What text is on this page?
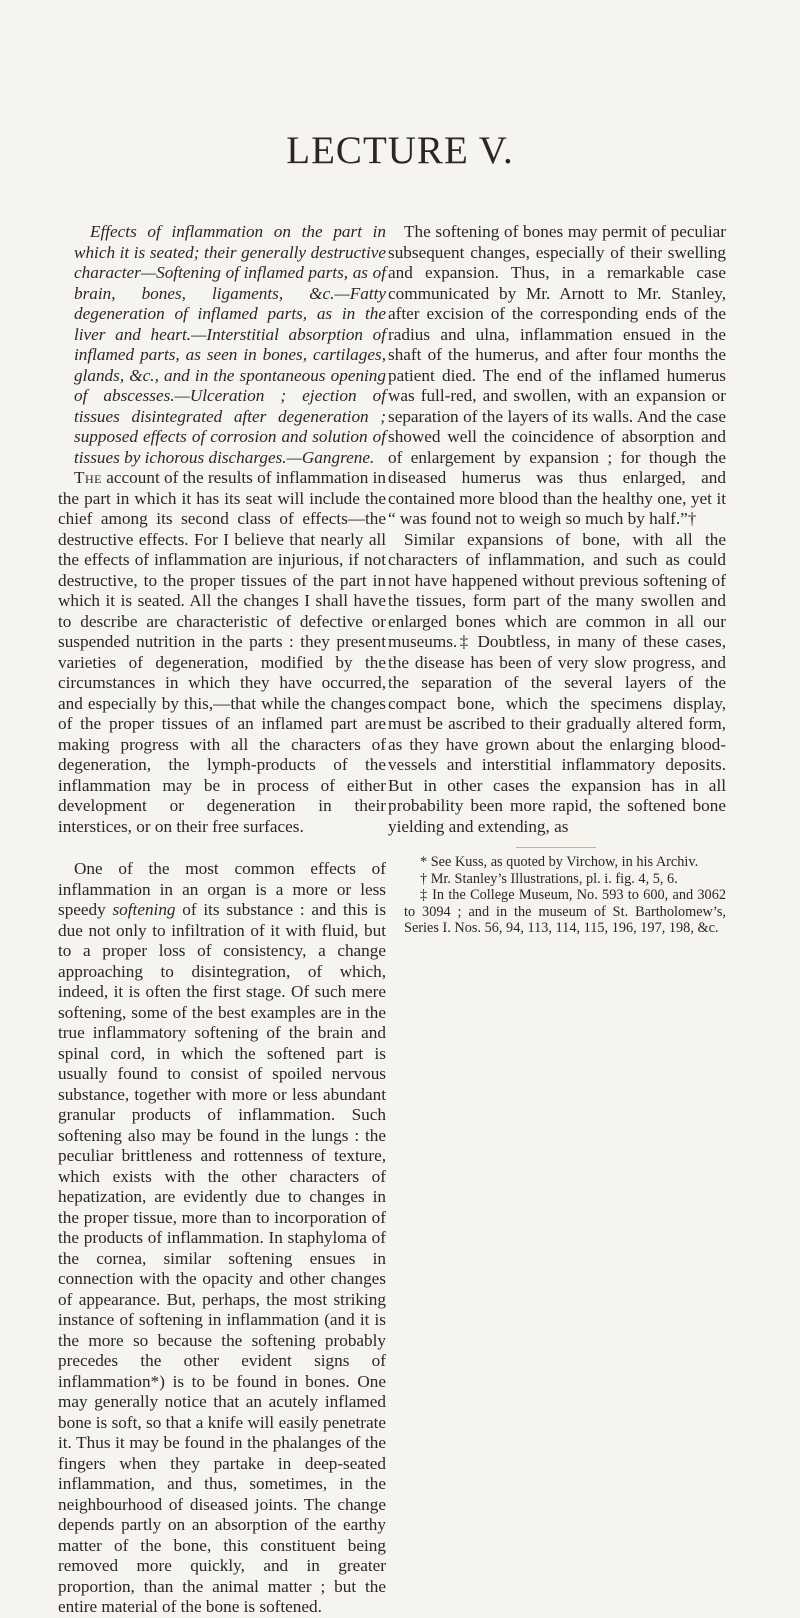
LECTURE V.

Effects of inflammation on the part in which it is seated; their generally destructive character—Softening of inflamed parts, as of brain, bones, ligaments, &c.—Fatty degeneration of inflamed parts, as in the liver and heart.—Interstitial absorption of inflamed parts, as seen in bones, cartilages, glands, &c., and in the spontaneous opening of abscesses.—Ulceration ; ejection of tissues disintegrated after degeneration ; supposed effects of corrosion and solution of tissues by ichorous discharges.—Gangrene.

The account of the results of inflammation in the part in which it has its seat will include the chief among its second class of effects—the destructive effects. For I believe that nearly all the effects of inflammation are injurious, if not destructive, to the proper tissues of the part in which it is seated. All the changes I shall have to describe are characteristic of defective or suspended nutrition in the parts : they present varieties of degeneration, modified by the circumstances in which they have occurred, and especially by this,—that while the changes of the proper tissues of an inflamed part are making progress with all the characters of degeneration, the lymph-products of the inflammation may be in process of either development or degeneration in their interstices, or on their free surfaces.

One of the most common effects of inflammation in an organ is a more or less speedy softening of its substance : and this is due not only to infiltration of it with fluid, but to a proper loss of consistency, a change approaching to disintegration, of which, indeed, it is often the first stage. Of such mere softening, some of the best examples are in the true inflammatory softening of the brain and spinal cord, in which the softened part is usually found to consist of spoiled nervous substance, together with more or less abundant granular products of inflammation. Such softening also may be found in the lungs : the peculiar brittleness and rottenness of texture, which exists with the other characters of hepatization, are evidently due to changes in the proper tissue, more than to incorporation of the products of inflammation. In staphyloma of the cornea, similar softening ensues in connection with the opacity and other changes of appearance. But, perhaps, the most striking instance of softening in inflammation (and it is the more so because the softening probably precedes the other evident signs of inflammation*) is to be found in bones. One may generally notice that an acutely inflamed bone is soft, so that a knife will easily penetrate it. Thus it may be found in the phalanges of the fingers when they partake in deep-seated inflammation, and thus, sometimes, in the neighbourhood of diseased joints. The change depends partly on an absorption of the earthy matter of the bone, this constituent being removed more quickly, and in greater proportion, than the animal matter ; but the entire material of the bone is softened.

The softening of bones may permit of peculiar subsequent changes, especially of their swelling and expansion. Thus, in a remarkable case communicated by Mr. Arnott to Mr. Stanley, after excision of the corresponding ends of the radius and ulna, inflammation ensued in the shaft of the humerus, and after four months the patient died. The end of the inflamed humerus was full-red, and swollen, with an expansion or separation of the layers of its walls. And the case showed well the coincidence of absorption and of enlargement by expansion ; for though the diseased humerus was thus enlarged, and contained more blood than the healthy one, yet it “ was found not to weigh so much by half.”†

Similar expansions of bone, with all the characters of inflammation, and such as could not have happened without previous softening of the tissues, form part of the many swollen and enlarged bones which are common in all our museums.‡ Doubtless, in many of these cases, the disease has been of very slow progress, and the separation of the several layers of the compact bone, which the specimens display, must be ascribed to their gradually altered form, as they have grown about the enlarging blood-vessels and interstitial inflammatory deposits. But in other cases the expansion has in all probability been more rapid, the softened bone yielding and extending, as

* See Kuss, as quoted by Virchow, in his Archiv.

† Mr. Stanley’s Illustrations, pl. i. fig. 4, 5, 6.

‡ In the College Museum, No. 593 to 600, and 3062 to 3094 ; and in the museum of St. Bartholomew’s, Series I. Nos. 56, 94, 113, 114, 115, 196, 197, 198, &c.
